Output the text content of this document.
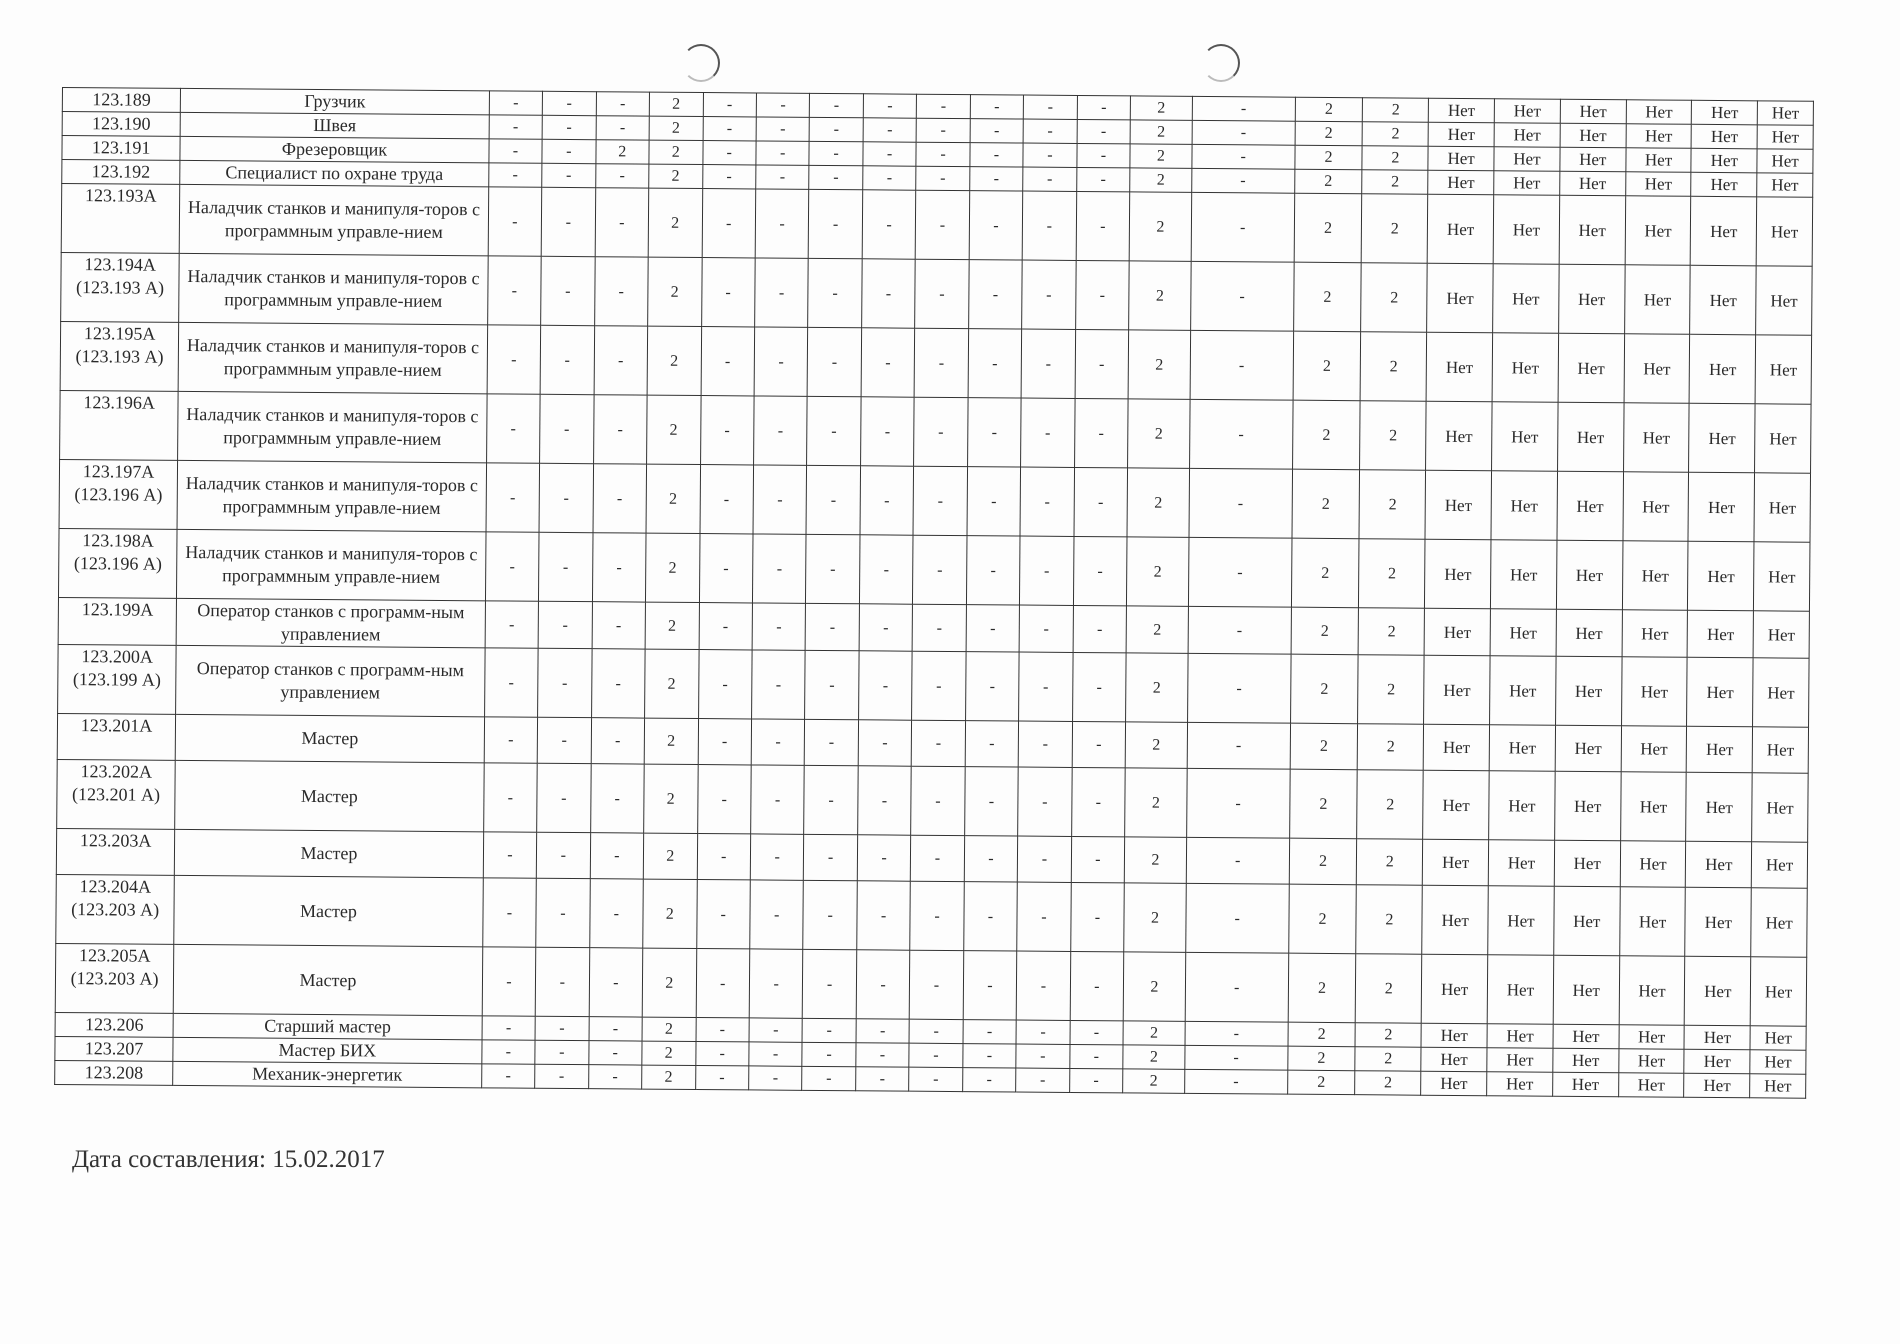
123.189	Грузчик	-	-	-	2	-	-	-	-	-	-	-	-	2	-	2	2	Нет	Нет	Нет	Нет	Нет	Нет
123.190	Швея	-	-	-	2	-	-	-	-	-	-	-	-	2	-	2	2	Нет	Нет	Нет	Нет	Нет	Нет
123.191	Фрезеровщик	-	-	2	2	-	-	-	-	-	-	-	-	2	-	2	2	Нет	Нет	Нет	Нет	Нет	Нет
123.192	Специалист по охране труда	-	-	-	2	-	-	-	-	-	-	-	-	2	-	2	2	Нет	Нет	Нет	Нет	Нет	Нет
123.193А	Наладчик станков и манипуля-торов с программным управле-нием	-	-	-	2	-	-	-	-	-	-	-	-	2	-	2	2	Нет	Нет	Нет	Нет	Нет	Нет
123.194А (123.193 А)	Наладчик станков и манипуля-торов с программным управле-нием	-	-	-	2	-	-	-	-	-	-	-	-	2	-	2	2	Нет	Нет	Нет	Нет	Нет	Нет
123.195А (123.193 А)	Наладчик станков и манипуля-торов с программным управле-нием	-	-	-	2	-	-	-	-	-	-	-	-	2	-	2	2	Нет	Нет	Нет	Нет	Нет	Нет
123.196А	Наладчик станков и манипуля-торов с программным управле-нием	-	-	-	2	-	-	-	-	-	-	-	-	2	-	2	2	Нет	Нет	Нет	Нет	Нет	Нет
123.197А (123.196 А)	Наладчик станков и манипуля-торов с программным управле-нием	-	-	-	2	-	-	-	-	-	-	-	-	2	-	2	2	Нет	Нет	Нет	Нет	Нет	Нет
123.198А (123.196 А)	Наладчик станков и манипуля-торов с программным управле-нием	-	-	-	2	-	-	-	-	-	-	-	-	2	-	2	2	Нет	Нет	Нет	Нет	Нет	Нет
123.199А	Оператор станков с программ-ным управлением	-	-	-	2	-	-	-	-	-	-	-	-	2	-	2	2	Нет	Нет	Нет	Нет	Нет	Нет
123.200А (123.199 А)	Оператор станков с программ-ным управлением	-	-	-	2	-	-	-	-	-	-	-	-	2	-	2	2	Нет	Нет	Нет	Нет	Нет	Нет
123.201А	Мастер	-	-	-	2	-	-	-	-	-	-	-	-	2	-	2	2	Нет	Нет	Нет	Нет	Нет	Нет
123.202А (123.201 А)	Мастер	-	-	-	2	-	-	-	-	-	-	-	-	2	-	2	2	Нет	Нет	Нет	Нет	Нет	Нет
123.203А	Мастер	-	-	-	2	-	-	-	-	-	-	-	-	2	-	2	2	Нет	Нет	Нет	Нет	Нет	Нет
123.204А (123.203 А)	Мастер	-	-	-	2	-	-	-	-	-	-	-	-	2	-	2	2	Нет	Нет	Нет	Нет	Нет	Нет
123.205А (123.203 А)	Мастер	-	-	-	2	-	-	-	-	-	-	-	-	2	-	2	2	Нет	Нет	Нет	Нет	Нет	Нет
123.206	Старший мастер	-	-	-	2	-	-	-	-	-	-	-	-	2	-	2	2	Нет	Нет	Нет	Нет	Нет	Нет
123.207	Мастер БИХ	-	-	-	2	-	-	-	-	-	-	-	-	2	-	2	2	Нет	Нет	Нет	Нет	Нет	Нет
123.208	Механик-энергетик	-	-	-	2	-	-	-	-	-	-	-	-	2	-	2	2	Нет	Нет	Нет	Нет	Нет	Нет
Дата составления: 15.02.2017
